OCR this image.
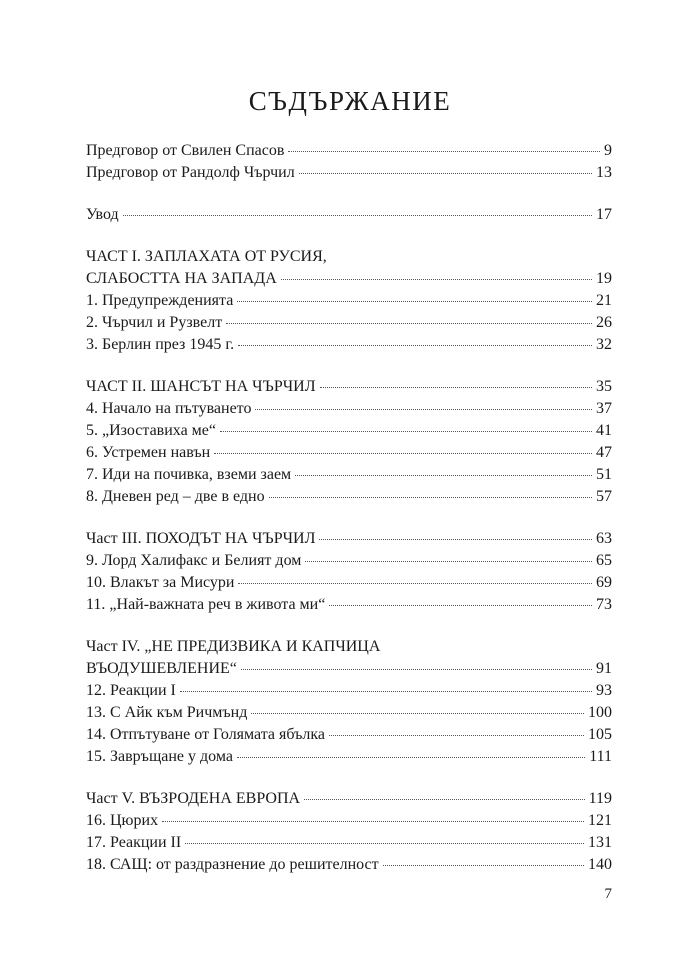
СЪДЪРЖАНИЕ
Предговор от Свилен Спасов	9
Предговор от Рандолф Чърчил	13
Увод	17
ЧАСТ I. ЗАПЛАХАТА ОТ РУСИЯ,
СЛАБОСТТА НА ЗАПАДА	19
1. Предупрежденията	21
2. Чърчил и Рузвелт	26
3. Берлин през 1945 г.	32
ЧАСТ II. ШАНСЪТ НА ЧЪРЧИЛ	35
4. Начало на пътуването	37
5. „Изоставиха ме“	41
6. Устремен навън	47
7. Иди на почивка, вземи заем	51
8. Дневен ред – две в едно	57
Част III. ПОХОДЪТ НА ЧЪРЧИЛ	63
9. Лорд Халифакс и Белият дом	65
10. Влакът за Мисури	69
11. „Най-важната реч в живота ми“	73
Част IV. „НЕ ПРЕДИЗВИКА И КАПЧИЦА
ВЪОДУШЕВЛЕНИЕ“	91
12. Реакции I	93
13. С Айк към Ричмънд	100
14. Отпътуване от Голямата ябълка	105
15. Завръщане у дома	111
Част V. ВЪЗРОДЕНА ЕВРОПА	119
16. Цюрих	121
17. Реакции II	131
18. САЩ: от раздразнение до решителност	140
7
